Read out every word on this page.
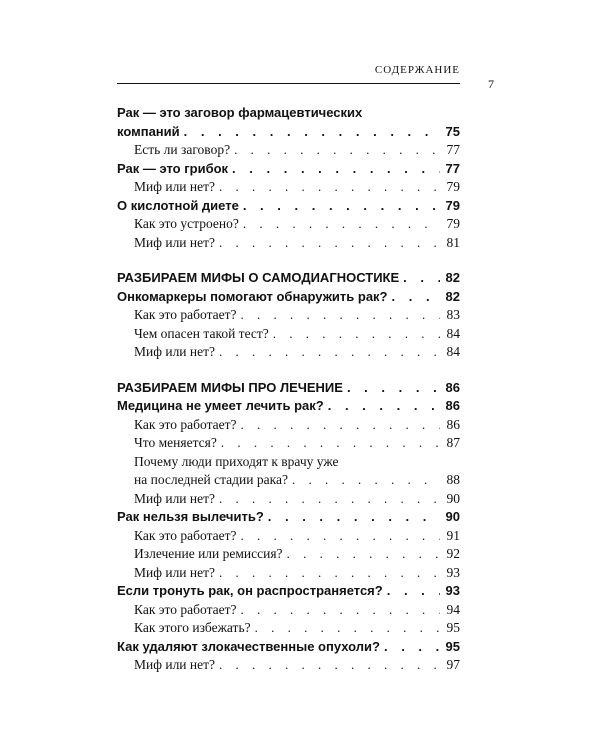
СОДЕРЖАНИЕ
7
Рак — это заговор фармацевтических
компаний . . .	75
Есть ли заговор? . . .	77
Рак — это грибок . . .	77
Миф или нет? . . .	79
О кислотной диете . . .	79
Как это устроено? . . .	79
Миф или нет? . . .	81
РАЗБИРАЕМ МИФЫ О САМОДИАГНОСТИКЕ . . .	82
Онкомаркеры помогают обнаружить рак? . . .	82
Как это работает? . . .	83
Чем опасен такой тест? . . .	84
Миф или нет? . . .	84
РАЗБИРАЕМ МИФЫ ПРО ЛЕЧЕНИЕ . . .	86
Медицина не умеет лечить рак? . . .	86
Как это работает? . . .	86
Что меняется? . . .	87
Почему люди приходят к врачу уже
на последней стадии рака? . . .	88
Миф или нет? . . .	90
Рак нельзя вылечить? . . .	90
Как это работает? . . .	91
Излечение или ремиссия? . . .	92
Миф или нет? . . .	93
Если тронуть рак, он распространяется? . . .	93
Как это работает? . . .	94
Как этого избежать? . . .	95
Как удаляют злокачественные опухоли? . . .	95
Миф или нет? . . .	97
